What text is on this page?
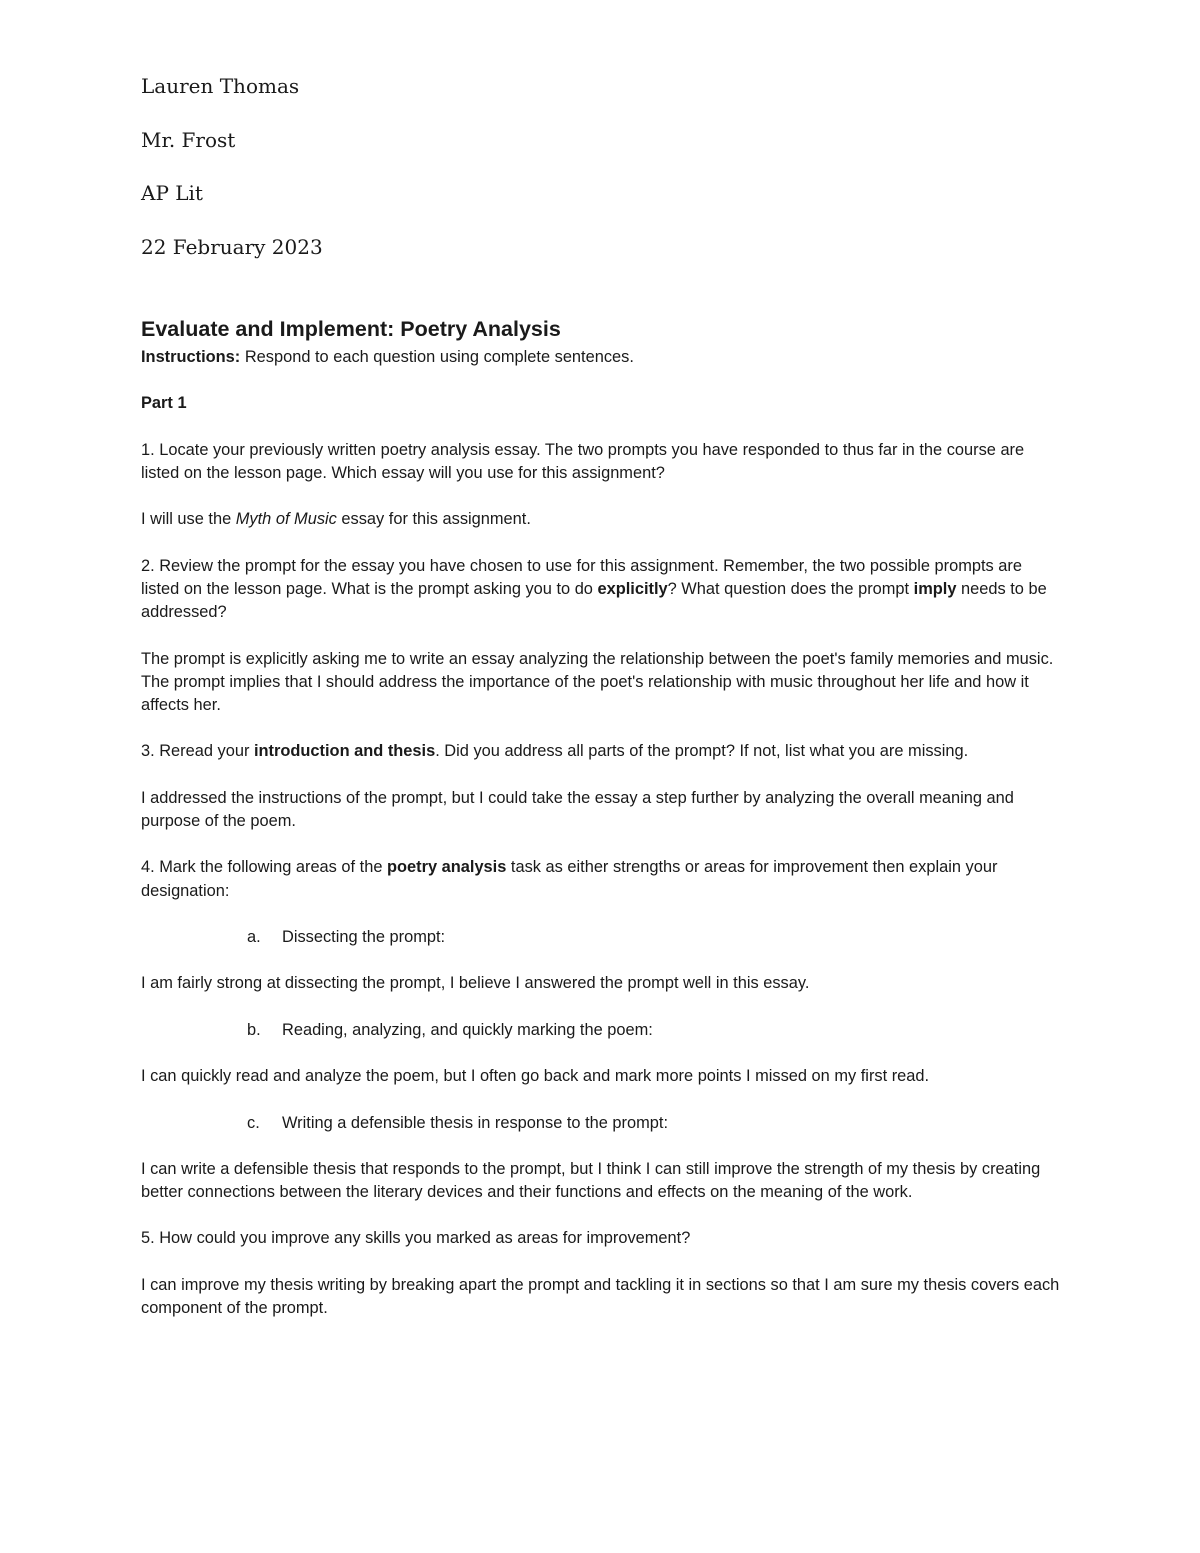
Lauren Thomas
Mr. Frost
AP Lit
22 February 2023
Evaluate and Implement: Poetry Analysis

Instructions: Respond to each question using complete sentences.

Part 1

1. Locate your previously written poetry analysis essay. The two prompts you have responded to thus far in the course are listed on the lesson page. Which essay will you use for this assignment?

I will use the Myth of Music essay for this assignment.

2. Review the prompt for the essay you have chosen to use for this assignment. Remember, the two possible prompts are listed on the lesson page. What is the prompt asking you to do explicitly? What question does the prompt imply needs to be addressed?

The prompt is explicitly asking me to write an essay analyzing the relationship between the poet's family memories and music. The prompt implies that I should address the importance of the poet's relationship with music throughout her life and how it affects her.

3. Reread your introduction and thesis. Did you address all parts of the prompt? If not, list what you are missing.

I addressed the instructions of the prompt, but I could take the essay a step further by analyzing the overall meaning and purpose of the poem.

4. Mark the following areas of the poetry analysis task as either strengths or areas for improvement then explain your designation:

a. Dissecting the prompt:

I am fairly strong at dissecting the prompt, I believe I answered the prompt well in this essay.

b. Reading, analyzing, and quickly marking the poem:

I can quickly read and analyze the poem, but I often go back and mark more points I missed on my first read.

c. Writing a defensible thesis in response to the prompt:

I can write a defensible thesis that responds to the prompt, but I think I can still improve the strength of my thesis by creating better connections between the literary devices and their functions and effects on the meaning of the work.

5. How could you improve any skills you marked as areas for improvement?

I can improve my thesis writing by breaking apart the prompt and tackling it in sections so that I am sure my thesis covers each component of the prompt.
